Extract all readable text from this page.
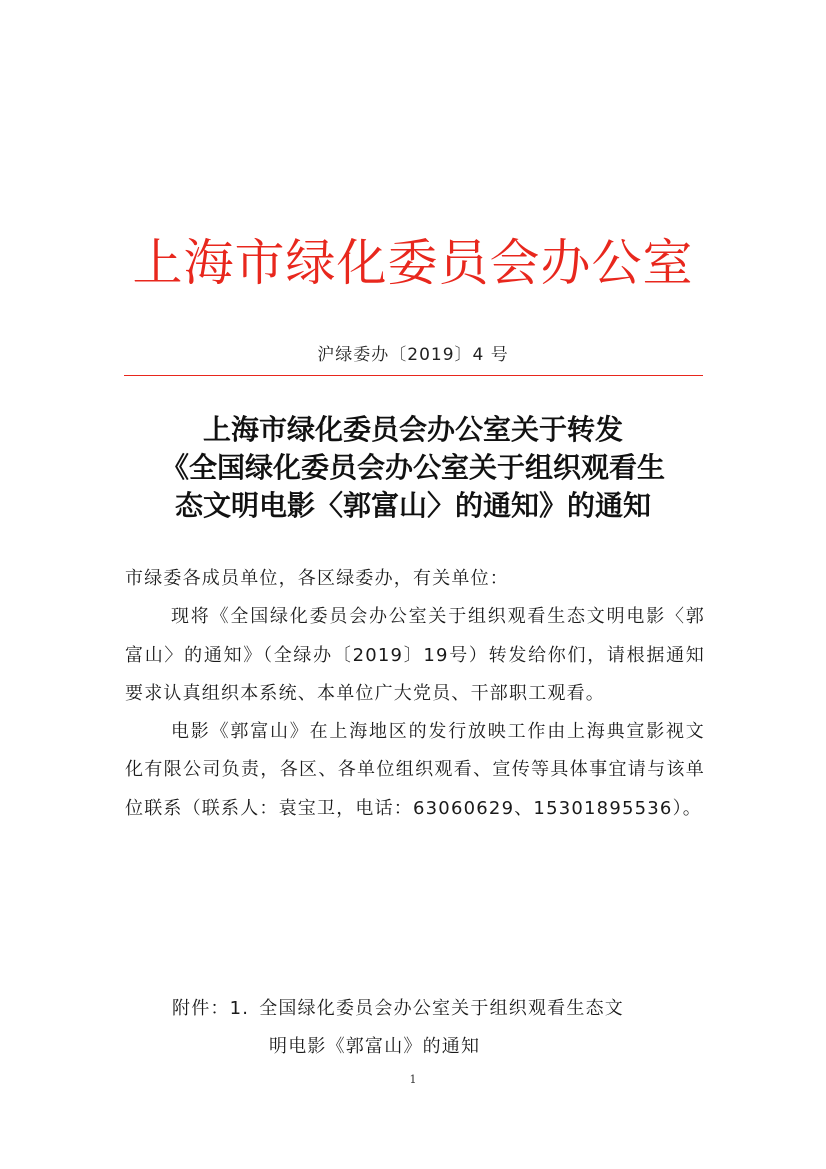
上海市绿化委员会办公室
沪绿委办〔2019〕4 号
上海市绿化委员会办公室关于转发
《全国绿化委员会办公室关于组织观看生
态文明电影〈郭富山〉的通知》的通知

市绿委各成员单位，各区绿委办，有关单位：

现将《全国绿化委员会办公室关于组织观看生态文明电影〈郭富山〉的通知》（全绿办〔2019〕19号）转发给你们，请根据通知要求认真组织本系统、本单位广大党员、干部职工观看。

电影《郭富山》在上海地区的发行放映工作由上海典宣影视文化有限公司负责，各区、各单位组织观看、宣传等具体事宜请与该单位联系（联系人：袁宝卫，电话：63060629、15301895536）。

附件： 1. 全国绿化委员会办公室关于组织观看生态文
明电影《郭富山》的通知
1
